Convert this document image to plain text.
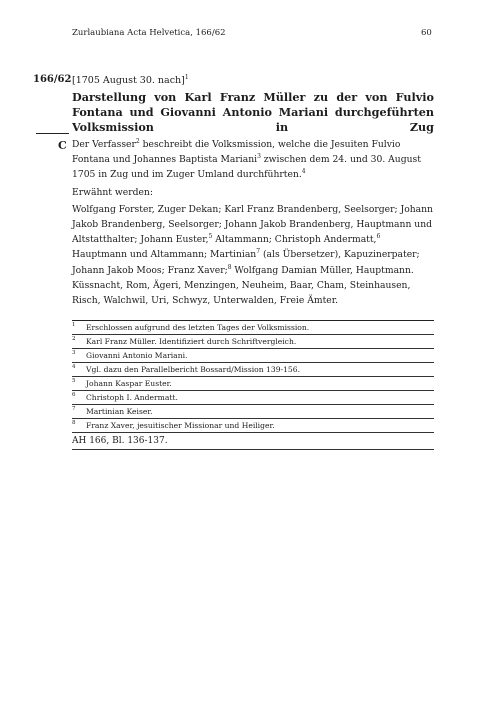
Zurlaubiana Acta Helvetica, 166/62	60
166/62 [1705 August 30. nach]$^1$
Darstellung von Karl Franz Müller zu der von Fulvio Fontana und Giovanni Antonio Mariani durchgeführten Volksmission in Zug
C Der Verfasser$^2$ beschreibt die Volksmission, welche die Jesuiten Fulvio Fontana und Johannes Baptista Mariani$^3$ zwischen dem 24. und 30. August 1705 in Zug und im Zuger Umland durchführten.$^4$

Erwähnt werden:

Wolfgang Forster, Zuger Dekan; Karl Franz Brandenberg, Seelsorger; Johann Jakob Brandenberg, Seelsorger; Johann Jakob Brandenberg, Hauptmann und Altstatthalter; Johann Euster,$^5$ Altammann; Christoph Andermatt,$^6$ Hauptmann und Altammann; Martinian$^7$ (als Übersetzer), Kapuzinerpater; Johann Jakob Moos; Franz Xaver;$^8$ Wolfgang Damian Müller, Hauptmann.

Küssnacht, Rom, Ägeri, Menzingen, Neuheim, Baar, Cham, Steinhausen, Risch, Walchwil, Uri, Schwyz, Unterwalden, Freie Ämter.

1	Erschlossen aufgrund des letzten Tages der Volksmission.
2	Karl Franz Müller. Identifiziert durch Schriftvergleich.
3	Giovanni Antonio Mariani.
4	Vgl. dazu den Parallelbericht Bossard/Mission 139-156.
5	Johann Kaspar Euster.
6	Christoph I. Andermatt.
7	Martinian Keiser.
8	Franz Xaver, jesuitischer Missionar und Heiliger.
AH 166, Bl. 136-137.
